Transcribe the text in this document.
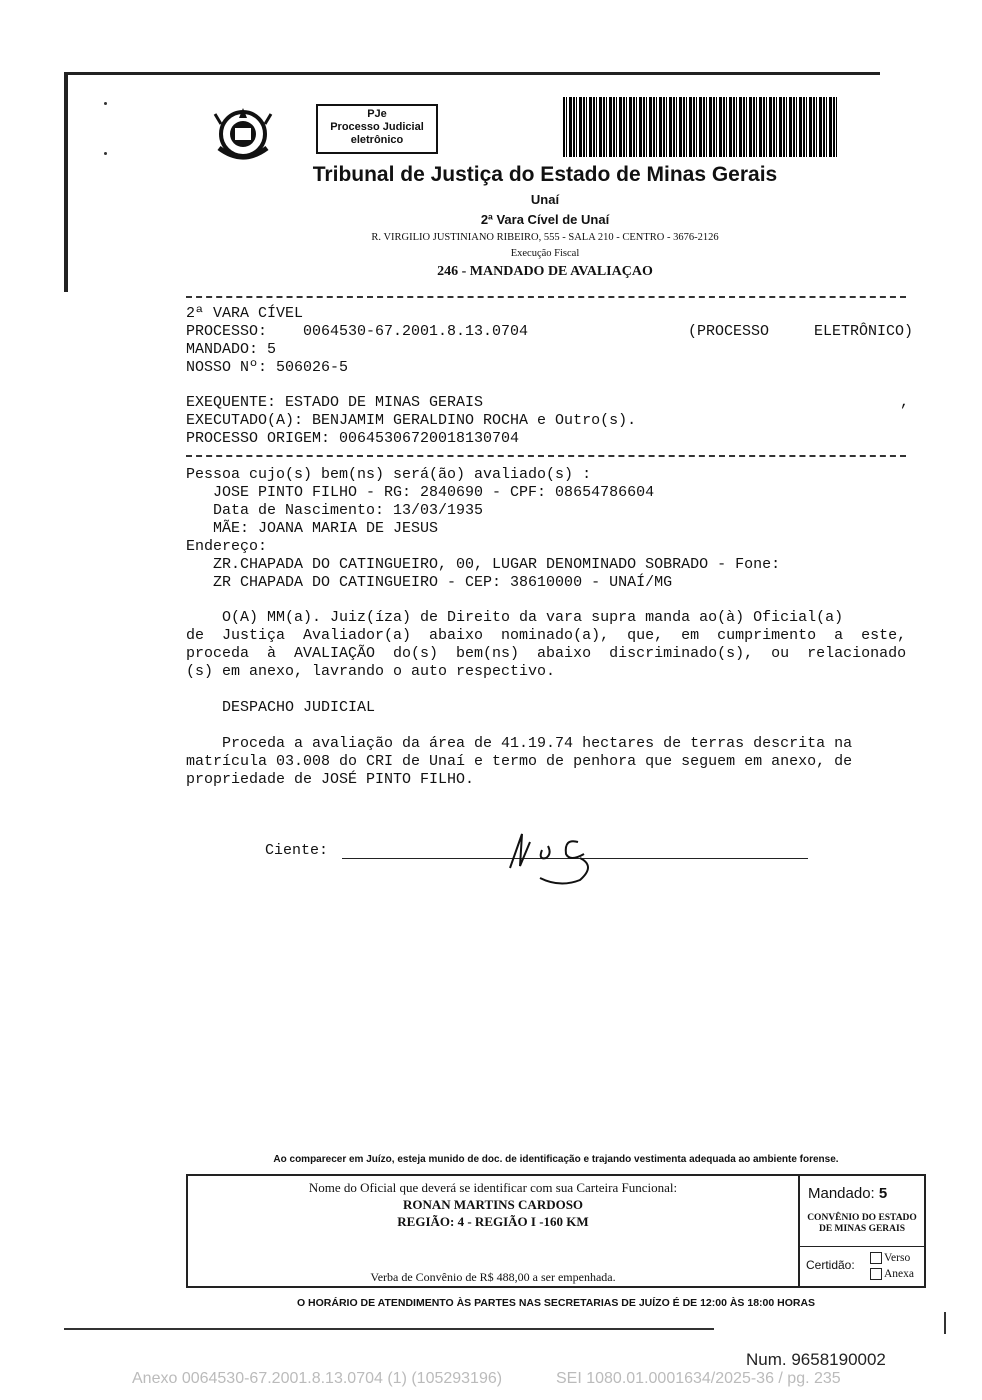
PJe
Processo Judicial
eletrônico
Tribunal de Justiça do Estado de Minas Gerais
Unaí
2ª Vara Cível de Unaí
R. VIRGILIO JUSTINIANO RIBEIRO, 555 - SALA 210 - CENTRO - 3676-2126
Execução Fiscal
246 - MANDADO DE AVALIAÇAO
2ª VARA CÍVEL
PROCESSO:    0064530-67.2001.8.13.0704	(PROCESSO     ELETRÔNICO)
MANDADO: 5
NOSSO Nº: 506026-5
EXEQUENTE: ESTADO DE MINAS GERAIS	,
EXECUTADO(A): BENJAMIM GERALDINO ROCHA e Outro(s).
PROCESSO ORIGEM: 00645306720018130704
Pessoa cujo(s) bem(ns) será(ão) avaliado(s) :
JOSE PINTO FILHO - RG: 2840690 - CPF: 08654786604
Data de Nascimento: 13/03/1935
MÃE: JOANA MARIA DE JESUS
Endereço:
ZR.CHAPADA DO CATINGUEIRO, 00, LUGAR DENOMINADO SOBRADO - Fone:
ZR CHAPADA DO CATINGUEIRO - CEP: 38610000 - UNAÍ/MG
O(A) MM(a). Juiz(íza) de Direito da vara supra manda ao(à) Oficial(a)
de  Justiça  Avaliador(a)  abaixo  nominado(a),  que,  em  cumprimento  a  este,
proceda  à  AVALIAÇÃO  do(s)  bem(ns)  abaixo  discriminado(s),  ou  relacionado
(s) em anexo, lavrando o auto respectivo.
DESPACHO JUDICIAL
Proceda a avaliação da área de 41.19.74 hectares de terras descrita na
matrícula 03.008 do CRI de Unaí e termo de penhora que seguem em anexo, de
propriedade de JOSÉ PINTO FILHO.
Ciente:
Ao comparecer em Juízo, esteja munido de doc. de identificação e trajando vestimenta adequada ao ambiente forense.
Nome do Oficial que deverá se identificar com sua Carteira Funcional:
RONAN MARTINS CARDOSO
REGIÃO: 4 - REGIÃO I -160 KM
Verba de Convênio de R$ 488,00 a ser empenhada.
Mandado: 5
CONVÊNIO DO ESTADO
DE MINAS GERAIS
Certidão:	Verso
Anexa
O HORÁRIO DE ATENDIMENTO ÀS PARTES NAS SECRETARIAS DE JUÍZO É DE 12:00 ÀS 18:00 HORAS
Num. 9658190002
Anexo 0064530-67.2001.8.13.0704 (1) (105293196)	SEI 1080.01.0001634/2025-36 / pg. 235
